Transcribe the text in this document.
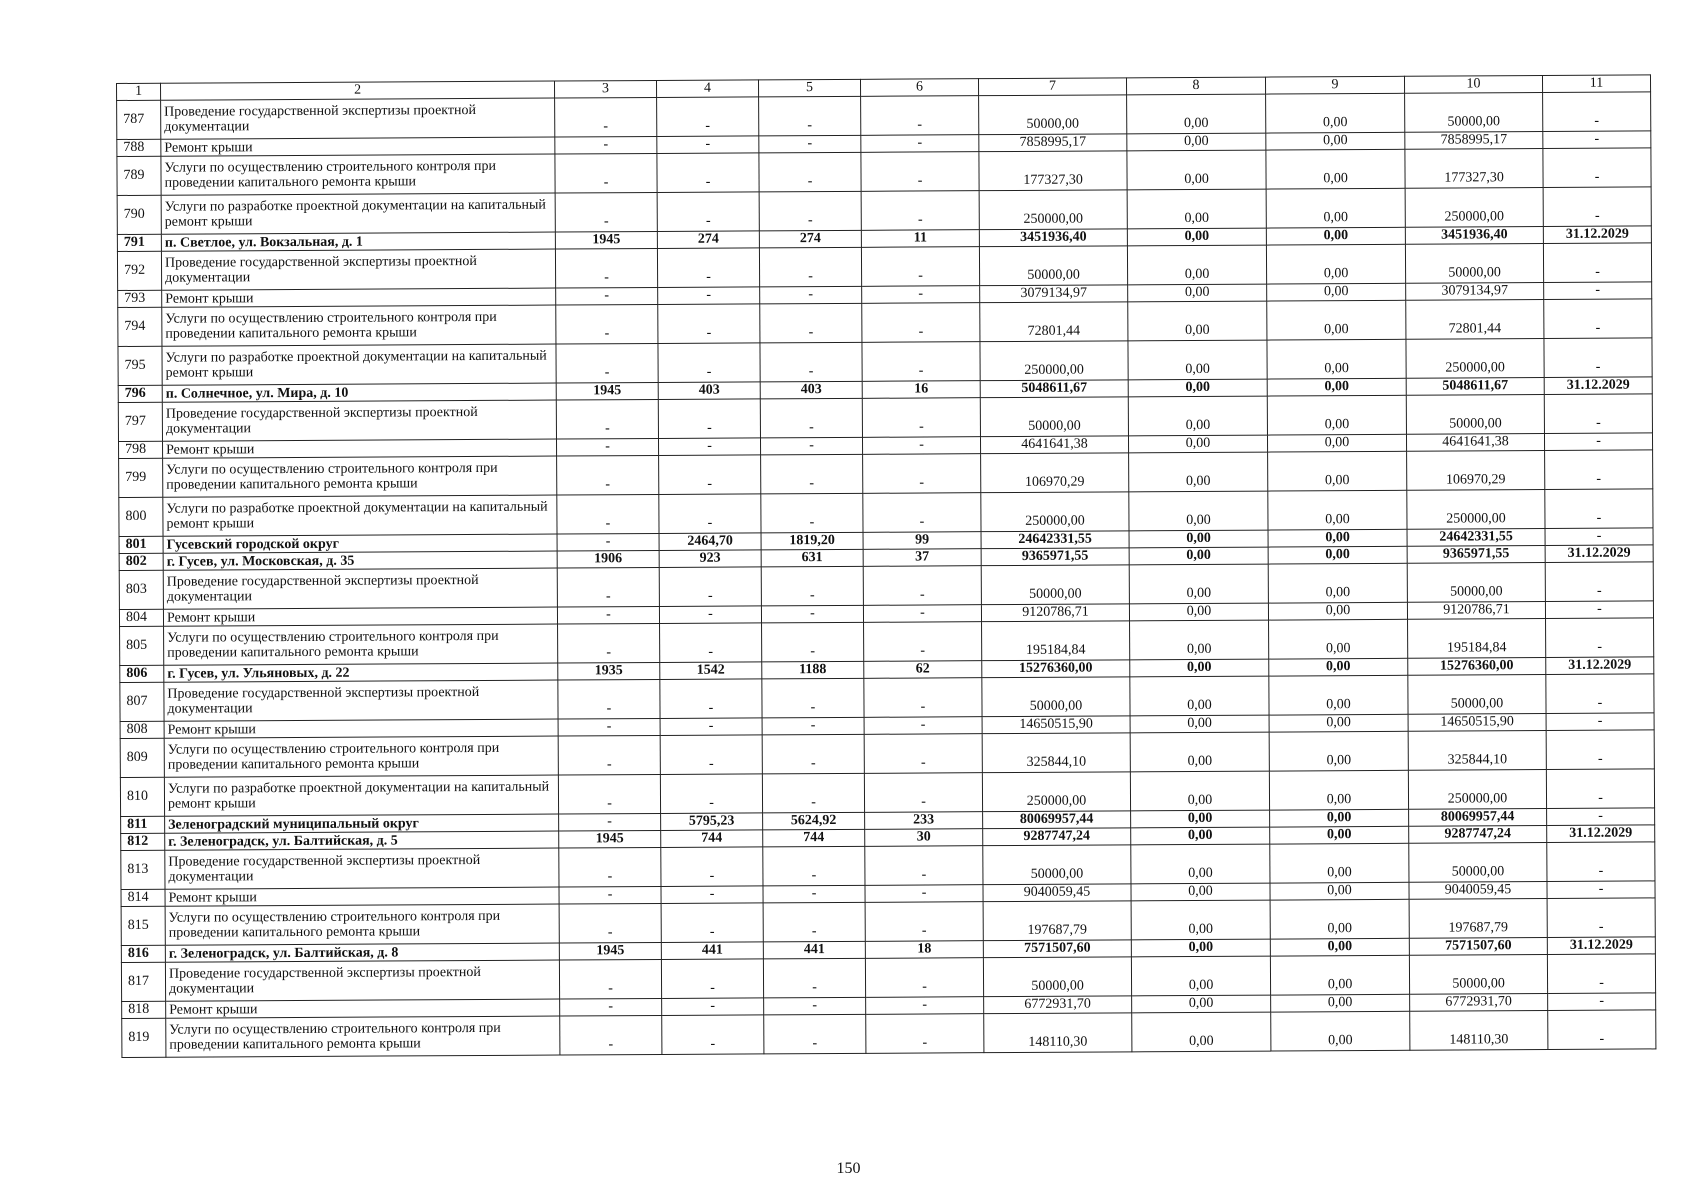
1	2	3	4	5	6	7	8	9	10	11
787	Проведение государственной экспертизы проектной документации	-	-	-	-	50000,00	0,00	0,00	50000,00	-
788	Ремонт крыши	-	-	-	-	7858995,17	0,00	0,00	7858995,17	-
789	Услуги по осуществлению строительного контроля при проведении капитального ремонта крыши	-	-	-	-	177327,30	0,00	0,00	177327,30	-
790	Услуги по разработке проектной документации на капитальный ремонт крыши	-	-	-	-	250000,00	0,00	0,00	250000,00	-
791	п. Светлое, ул. Вокзальная, д. 1	1945	274	274	11	3451936,40	0,00	0,00	3451936,40	31.12.2029
792	Проведение государственной экспертизы проектной документации	-	-	-	-	50000,00	0,00	0,00	50000,00	-
793	Ремонт крыши	-	-	-	-	3079134,97	0,00	0,00	3079134,97	-
794	Услуги по осуществлению строительного контроля при проведении капитального ремонта крыши	-	-	-	-	72801,44	0,00	0,00	72801,44	-
795	Услуги по разработке проектной документации на капитальный ремонт крыши	-	-	-	-	250000,00	0,00	0,00	250000,00	-
796	п. Солнечное, ул. Мира, д. 10	1945	403	403	16	5048611,67	0,00	0,00	5048611,67	31.12.2029
797	Проведение государственной экспертизы проектной документации	-	-	-	-	50000,00	0,00	0,00	50000,00	-
798	Ремонт крыши	-	-	-	-	4641641,38	0,00	0,00	4641641,38	-
799	Услуги по осуществлению строительного контроля при проведении капитального ремонта крыши	-	-	-	-	106970,29	0,00	0,00	106970,29	-
800	Услуги по разработке проектной документации на капитальный ремонт крыши	-	-	-	-	250000,00	0,00	0,00	250000,00	-
801	Гусевский городской округ	-	2464,70	1819,20	99	24642331,55	0,00	0,00	24642331,55	-
802	г. Гусев, ул. Московская, д. 35	1906	923	631	37	9365971,55	0,00	0,00	9365971,55	31.12.2029
803	Проведение государственной экспертизы проектной документации	-	-	-	-	50000,00	0,00	0,00	50000,00	-
804	Ремонт крыши	-	-	-	-	9120786,71	0,00	0,00	9120786,71	-
805	Услуги по осуществлению строительного контроля при проведении капитального ремонта крыши	-	-	-	-	195184,84	0,00	0,00	195184,84	-
806	г. Гусев, ул. Ульяновых, д. 22	1935	1542	1188	62	15276360,00	0,00	0,00	15276360,00	31.12.2029
807	Проведение государственной экспертизы проектной документации	-	-	-	-	50000,00	0,00	0,00	50000,00	-
808	Ремонт крыши	-	-	-	-	14650515,90	0,00	0,00	14650515,90	-
809	Услуги по осуществлению строительного контроля при проведении капитального ремонта крыши	-	-	-	-	325844,10	0,00	0,00	325844,10	-
810	Услуги по разработке проектной документации на капитальный ремонт крыши	-	-	-	-	250000,00	0,00	0,00	250000,00	-
811	Зеленоградский муниципальный округ	-	5795,23	5624,92	233	80069957,44	0,00	0,00	80069957,44	-
812	г. Зеленоградск, ул. Балтийская, д. 5	1945	744	744	30	9287747,24	0,00	0,00	9287747,24	31.12.2029
813	Проведение государственной экспертизы проектной документации	-	-	-	-	50000,00	0,00	0,00	50000,00	-
814	Ремонт крыши	-	-	-	-	9040059,45	0,00	0,00	9040059,45	-
815	Услуги по осуществлению строительного контроля при проведении капитального ремонта крыши	-	-	-	-	197687,79	0,00	0,00	197687,79	-
816	г. Зеленоградск, ул. Балтийская, д. 8	1945	441	441	18	7571507,60	0,00	0,00	7571507,60	31.12.2029
817	Проведение государственной экспертизы проектной документации	-	-	-	-	50000,00	0,00	0,00	50000,00	-
818	Ремонт крыши	-	-	-	-	6772931,70	0,00	0,00	6772931,70	-
819	Услуги по осуществлению строительного контроля при проведении капитального ремонта крыши	-	-	-	-	148110,30	0,00	0,00	148110,30	-
150
